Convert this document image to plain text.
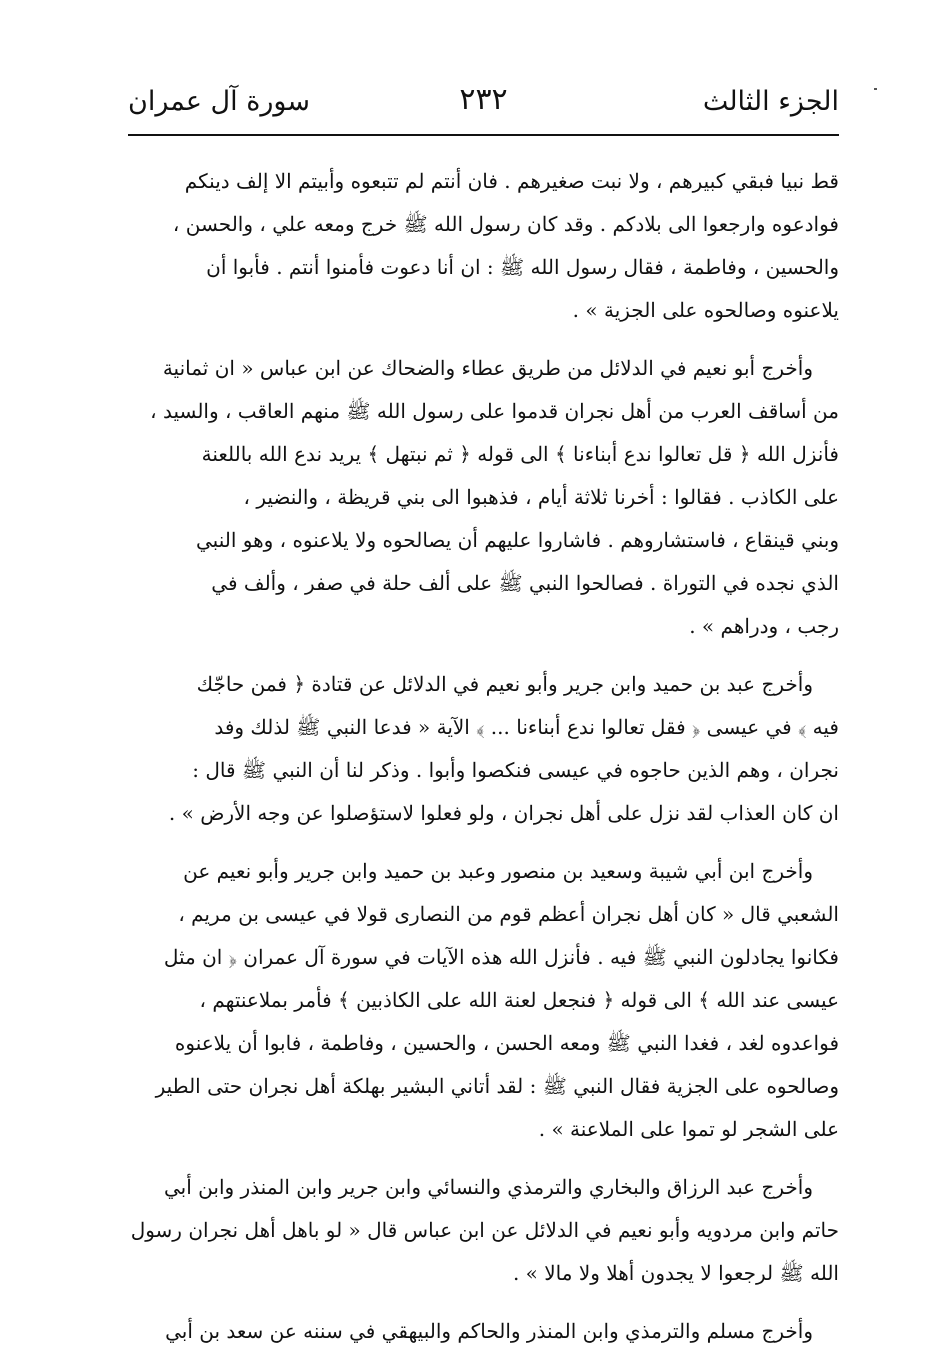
الجزء الثالث
٢٣٢
سورة آل عمران
قط نبيا فبقي كبيرهم ، ولا نبت صغيرهم . فان أنتم لم تتبعوه وأبيتم الا إلف دينكم
فوادعوه وارجعوا الى بلادكم . وقد كان رسول الله ﷺ خرج ومعه علي ، والحسن ،
والحسين ، وفاطمة ، فقال رسول الله ﷺ : ان أنا دعوت فأمنوا أنتم . فأبوا أن
يلاعنوه وصالحوه على الجزية » .
وأخرج أبو نعيم في الدلائل من طريق عطاء والضحاك عن ابن عباس « ان ثمانية
من أساقف العرب من أهل نجران قدموا على رسول الله ﷺ منهم العاقب ، والسيد ،
فأنزل الله ﴿ قل تعالوا ندع أبناءنا ﴾ الى قوله ﴿ ثم نبتهل ﴾ يريد ندع الله باللعنة
على الكاذب . فقالوا : أخرنا ثلاثة أيام ، فذهبوا الى بني قريظة ، والنضير ،
وبني قينقاع ، فاستشاروهم . فاشاروا عليهم أن يصالحوه ولا يلاعنوه ، وهو النبي
الذي نجده في التوراة . فصالحوا النبي ﷺ على ألف حلة في صفر ، وألف في
رجب ، ودراهم » .
وأخرج عبد بن حميد وابن جرير وأبو نعيم في الدلائل عن قتادة ﴿ فمن حاجّك
فيه ﴾ في عيسى ﴿ فقل تعالوا ندع أبناءنا ... ﴾ الآية « فدعا النبي ﷺ لذلك وفد
نجران ، وهم الذين حاجوه في عيسى فنكصوا وأبوا . وذكر لنا أن النبي ﷺ قال :
ان كان العذاب لقد نزل على أهل نجران ، ولو فعلوا لاستؤصلوا عن وجه الأرض » .
وأخرج ابن أبي شيبة وسعيد بن منصور وعبد بن حميد وابن جرير وأبو نعيم عن
الشعبي قال « كان أهل نجران أعظم قوم من النصارى قولا في عيسى بن مريم ،
فكانوا يجادلون النبي ﷺ فيه . فأنزل الله هذه الآيات في سورة آل عمران ﴿ ان مثل
عيسى عند الله ﴾ الى قوله ﴿ فنجعل لعنة الله على الكاذبين ﴾ فأمر بملاعنتهم ،
فواعدوه لغد ، فغدا النبي ﷺ ومعه الحسن ، والحسين ، وفاطمة ، فابوا أن يلاعنوه
وصالحوه على الجزية فقال النبي ﷺ : لقد أتاني البشير بهلكة أهل نجران حتى الطير
على الشجر لو تموا على الملاعنة » .
وأخرج عبد الرزاق والبخاري والترمذي والنسائي وابن جرير وابن المنذر وابن أبي
حاتم وابن مردويه وأبو نعيم في الدلائل عن ابن عباس قال « لو باهل أهل نجران رسول
الله ﷺ لرجعوا لا يجدون أهلا ولا مالا » .
وأخرج مسلم والترمذي وابن المنذر والحاكم والبيهقي في سننه عن سعد بن أبي
